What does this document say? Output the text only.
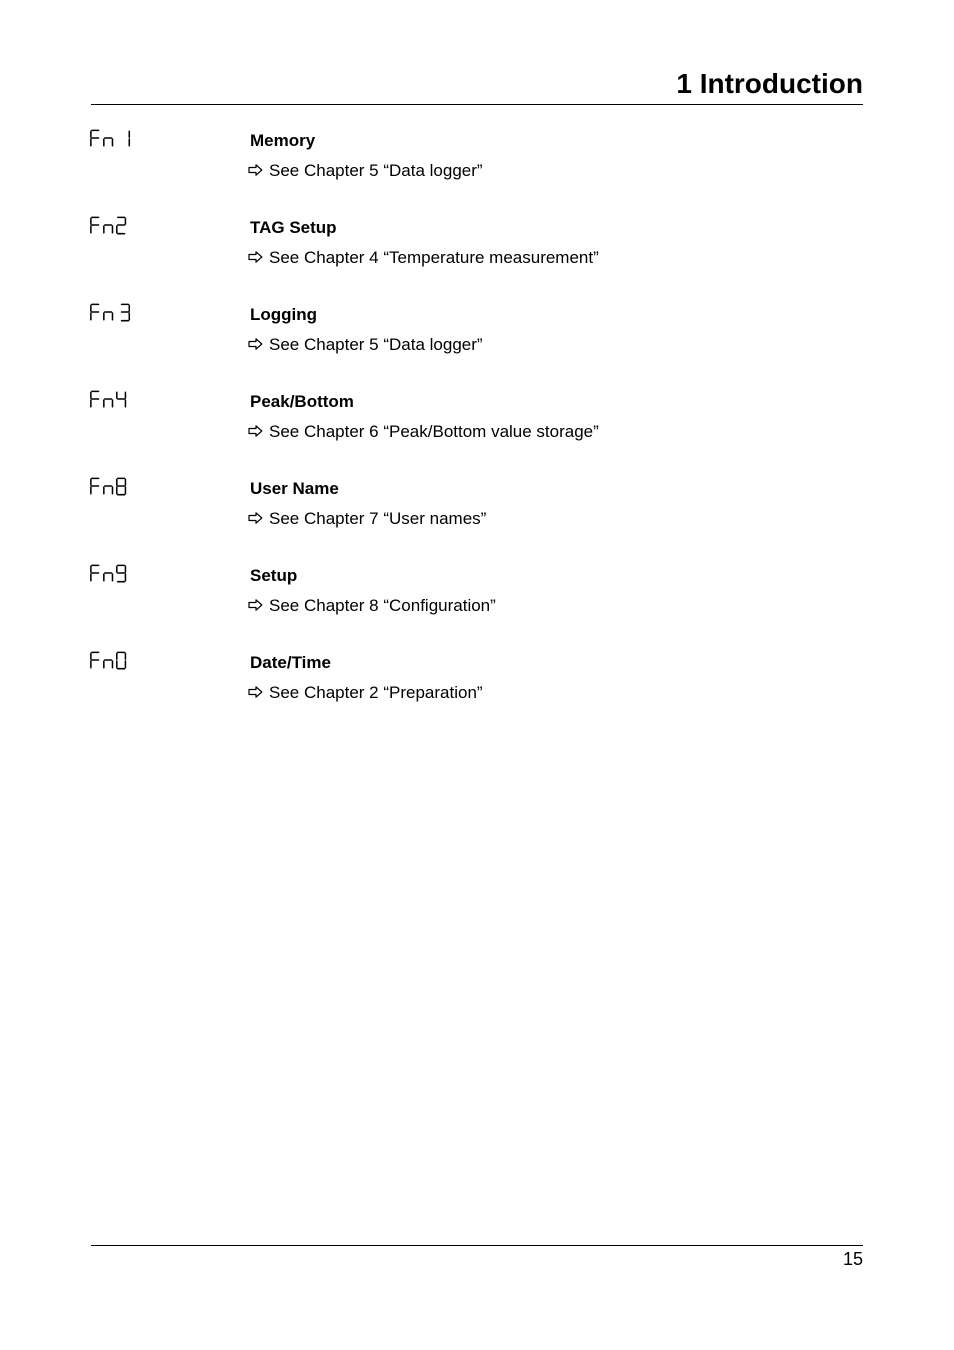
1 Introduction
Memory
See Chapter 5 “Data logger”
TAG Setup
See Chapter 4 “Temperature measurement”
Logging
See Chapter 5 “Data logger”
Peak/Bottom
See Chapter 6 “Peak/Bottom value storage”
User Name
See Chapter 7 “User names”
Setup
See Chapter 8 “Configuration”
Date/Time
See Chapter 2 “Preparation”
15
